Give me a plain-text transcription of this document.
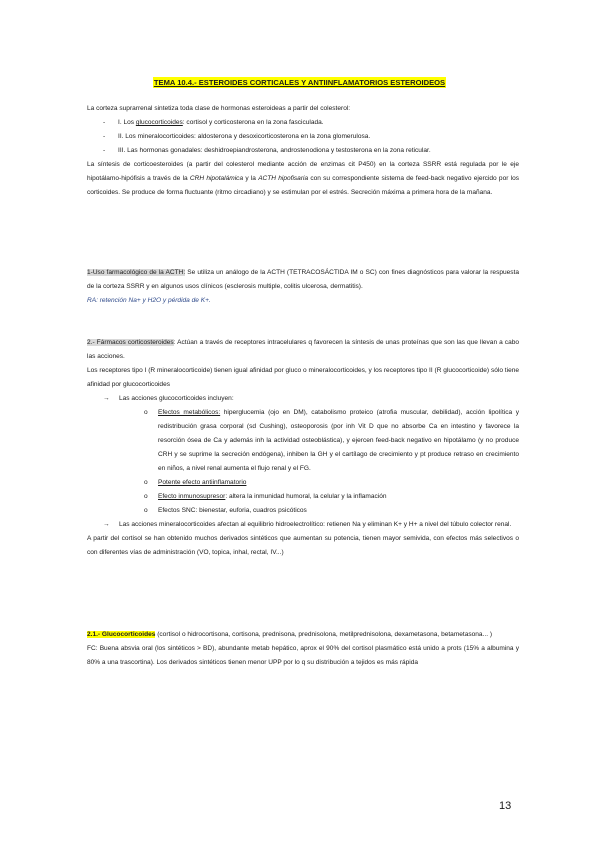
TEMA 10.4.- ESTEROIDES CORTICALES Y ANTIINFLAMATORIOS ESTEROIDEOS

La corteza suprarrenal sintetiza toda clase de hormonas esteroideas a partir del colesterol:

- I. Los glucocorticoides: cortisol y corticosterona en la zona fasciculada.
- II. Los mineralocorticoides: aldosterona y desoxicorticosterona en la zona glomerulosa.
- III. Las hormonas gonadales: deshidroepiandrosterona, androstenodiona y testosterona en la zona reticular.

La síntesis de corticoesteroides (a partir del colesterol mediante acción de enzimas cit P450) en la corteza SSRR está regulada por le eje hipotálamo-hipófisis a través de la CRH hipotalámica y la ACTH hipofisaria con su correspondiente sistema de feed-back negativo ejercido por los corticoides. Se produce de forma fluctuante (ritmo circadiano) y se estimulan por el estrés. Secreción máxima a primera hora de la mañana.

1-Uso farmacológico de la ACTH: Se utiliza un análogo de la ACTH (TETRACOSÁCTIDA IM o SC) con fines diagnósticos para valorar la respuesta de la corteza SSRR y en algunos usos clínicos (esclerosis multiple, colitis ulcerosa, dermatitis).

RA: retención Na+ y H2O y pérdida de K+.

2.- Fármacos corticosteroides: Actúan a través de receptores intracelulares q favorecen la síntesis de unas proteínas que son las que llevan a cabo las acciones.

Los receptores tipo I (R mineralocorticoide) tienen igual afinidad por gluco o mineralocorticoides, y los receptores tipo II (R glucocorticoide) sólo tiene afinidad por glucocorticoides

→ Las acciones glucocorticoides incluyen:
o Efectos metabólicos: hiperglucemia (ojo en DM), catabolismo proteico (atrofia muscular, debilidad), acción lipolítica y redistribución grasa corporal (sd Cushing), osteoporosis (por inh Vit D que no absorbe Ca en intestino y favorece la resorción ósea de Ca y además inh la actividad osteoblástica), y ejercen feed-back negativo en hipotálamo (y no produce CRH y se suprime la secreción endógena), inhiben la GH y el cartílago de crecimiento y pt produce retraso en crecimiento en niños, a nivel renal aumenta el flujo renal y el FG.
o Potente efecto antiinflamatorio
o Efecto inmunosupresor: altera la inmunidad humoral, la celular y la inflamación
o Efectos SNC: bienestar, euforia, cuadros psicóticos
→ Las acciones mineralocorticoides afectan al equilibrio hidroelectrolítico: retienen Na y eliminan K+ y H+ a nivel del túbulo colector renal.

A partir del cortisol se han obtenido muchos derivados sintéticos que aumentan su potencia, tienen mayor semivida, con efectos más selectivos o con diferentes vías de administración (VO, topica, inhal, rectal, IV...)

2.1.- Glucocorticoides (cortisol o hidrocortisona, cortisona, prednisona, prednisolona, metilprednisolona, dexametasona, betametasona... )

FC: Buena absvia oral (los sintéticos > BD), abundante metab hepático, aprox el 90% del cortisol plasmático está unido a prots (15% a albumina y 80% a una trascortina). Los derivados sintéticos tienen menor UPP por lo q su distribución a tejidos es más rápida

13
